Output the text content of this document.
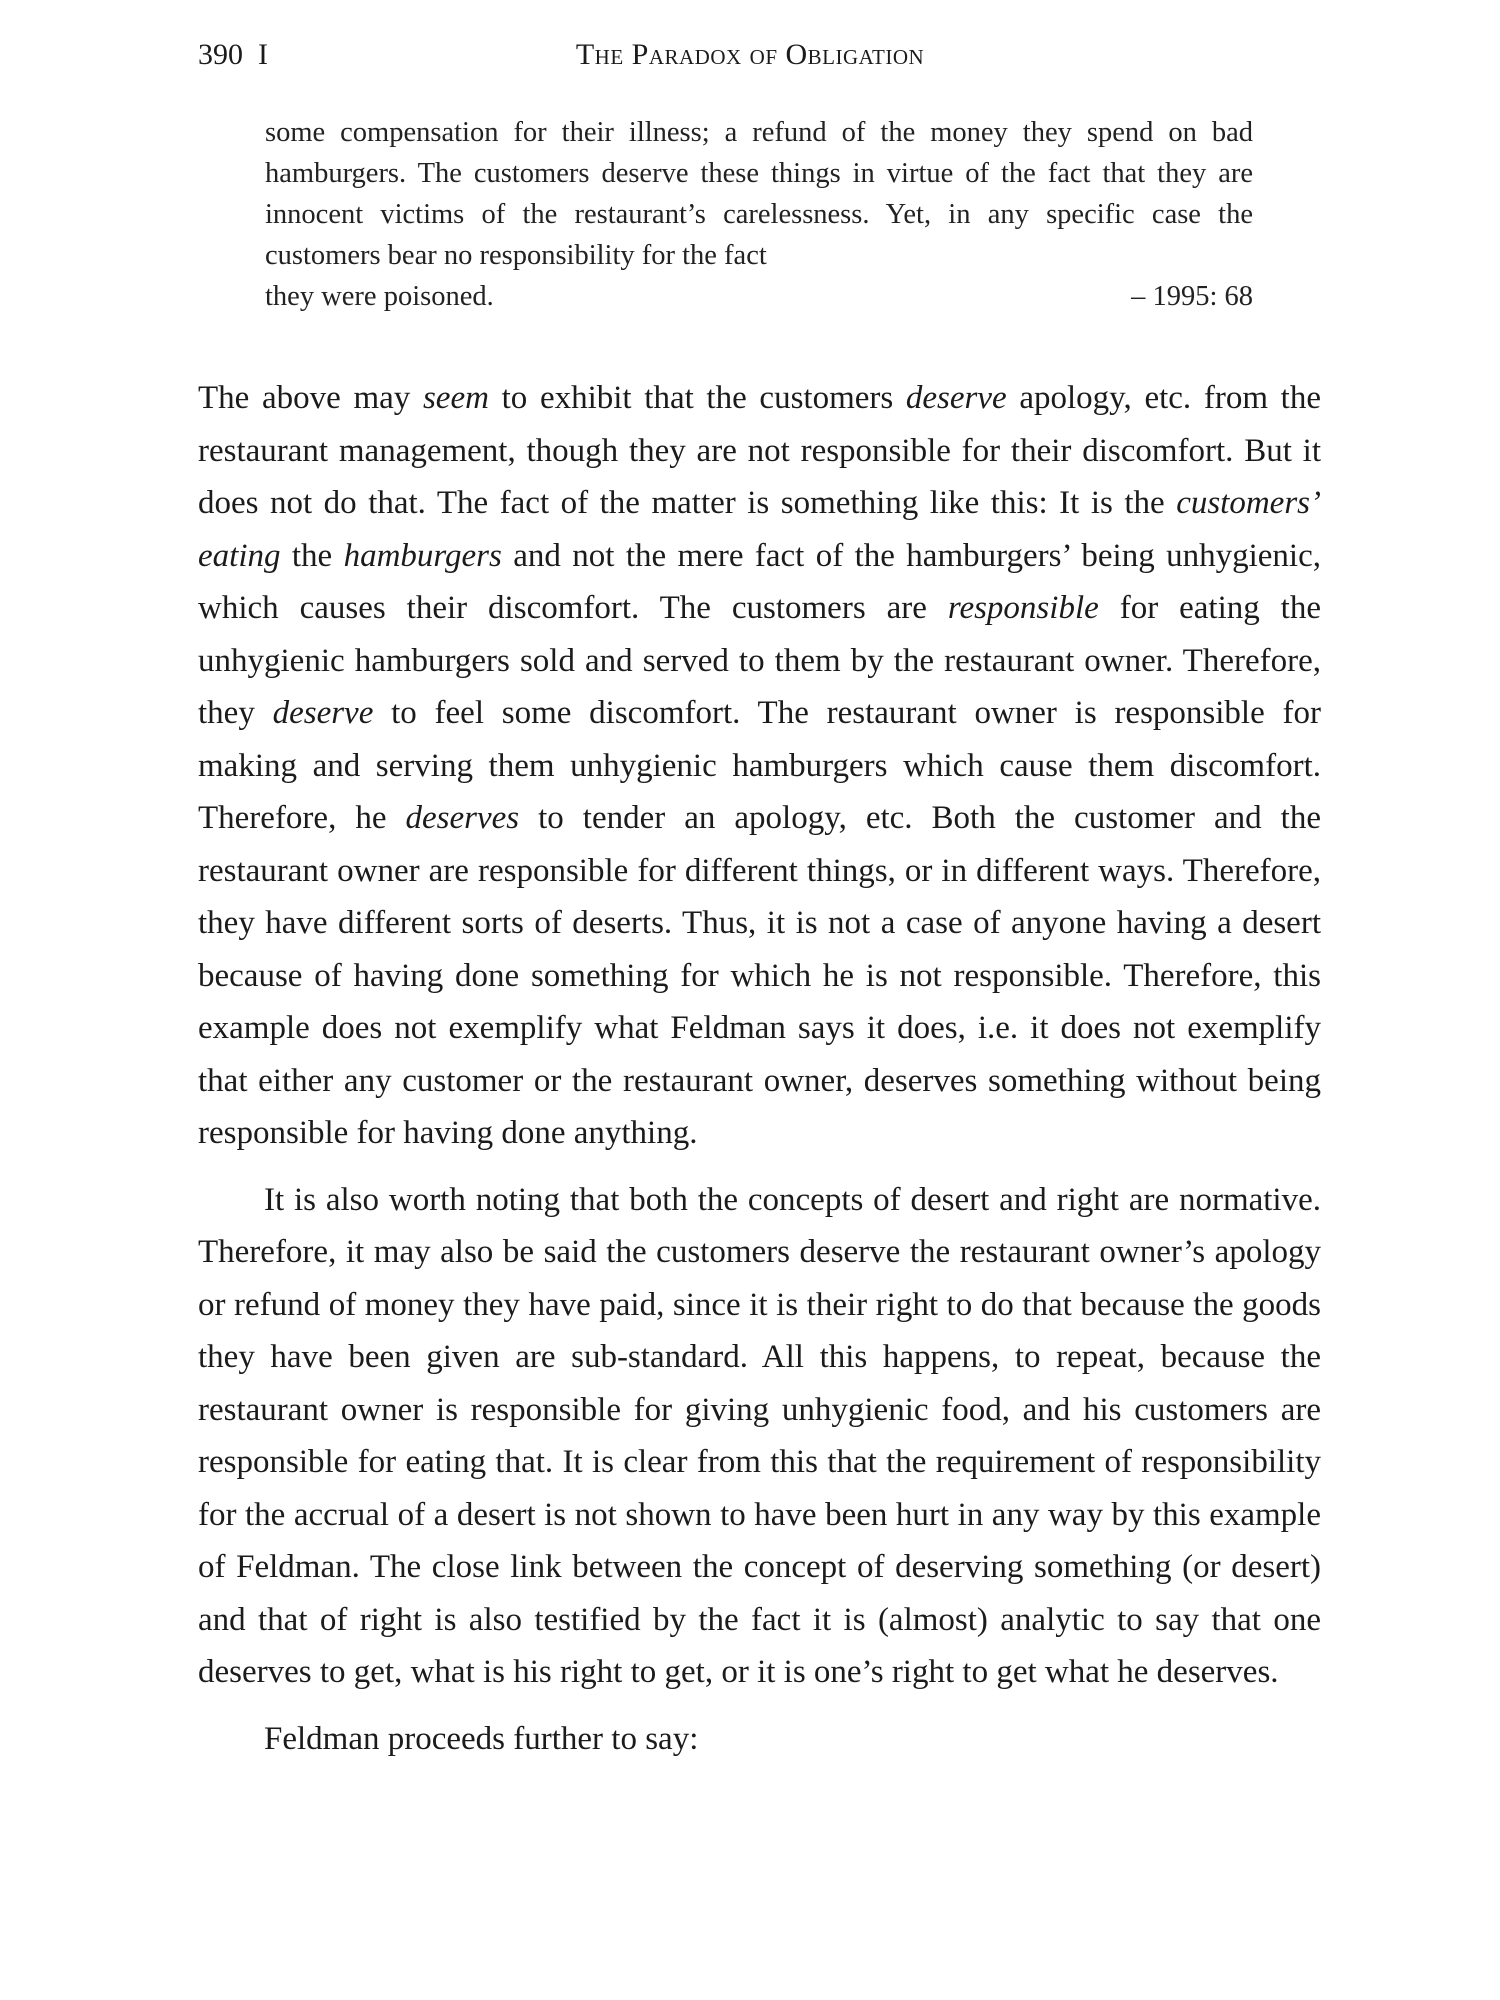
390 I	The Paradox of Obligation
some compensation for their illness; a refund of the money they spend on bad hamburgers. The customers deserve these things in virtue of the fact that they are innocent victims of the restaurant’s carelessness. Yet, in any specific case the customers bear no responsibility for the fact
they were poisoned.	– 1995: 68

The above may seem to exhibit that the customers deserve apology, etc. from the restaurant management, though they are not responsible for their discomfort. But it does not do that. The fact of the matter is something like this: It is the customers’ eating the hamburgers and not the mere fact of the hamburgers’ being unhygienic, which causes their discomfort. The customers are responsible for eating the unhygienic hamburgers sold and served to them by the restaurant owner. Therefore, they deserve to feel some discomfort. The restaurant owner is responsible for making and serving them unhygienic hamburgers which cause them discomfort. Therefore, he deserves to tender an apology, etc. Both the customer and the restaurant owner are responsible for different things, or in different ways. Therefore, they have different sorts of deserts. Thus, it is not a case of anyone having a desert because of having done something for which he is not responsible. Therefore, this example does not exemplify what Feldman says it does, i.e. it does not exemplify that either any customer or the restaurant owner, deserves something without being responsible for having done anything.

It is also worth noting that both the concepts of desert and right are normative. Therefore, it may also be said the customers deserve the restaurant owner’s apology or refund of money they have paid, since it is their right to do that because the goods they have been given are sub-standard. All this happens, to repeat, because the restaurant owner is responsible for giving unhygienic food, and his customers are responsible for eating that. It is clear from this that the requirement of responsibility for the accrual of a desert is not shown to have been hurt in any way by this example of Feldman. The close link between the concept of deserving something (or desert) and that of right is also testified by the fact it is (almost) analytic to say that one deserves to get, what is his right to get, or it is one’s right to get what he deserves.

Feldman proceeds further to say:
